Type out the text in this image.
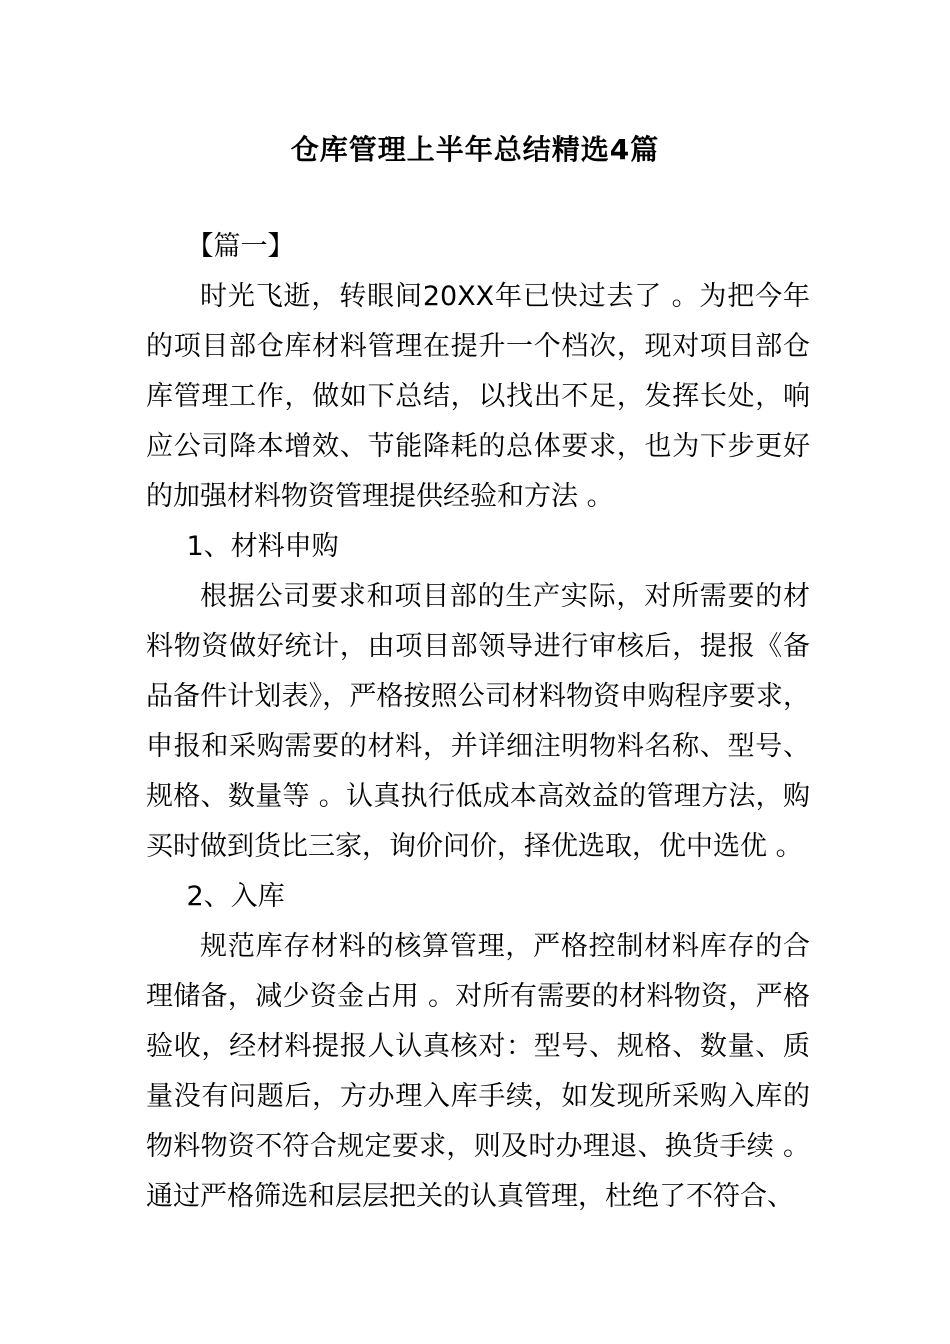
仓库管理上半年总结精选4篇

【篇一】

时光飞逝，转眼间20XX年已快过去了 。为把今年的项目部仓库材料管理在提升一个档次，现对项目部仓库管理工作，做如下总结，以找出不足，发挥长处，响应公司降本增效、节能降耗的总体要求，也为下步更好的加强材料物资管理提供经验和方法 。

1、材料申购

根据公司要求和项目部的生产实际，对所需要的材料物资做好统计，由项目部领导进行审核后，提报《备品备件计划表》，严格按照公司材料物资申购程序要求，申报和采购需要的材料，并详细注明物料名称、型号、规格、数量等 。认真执行低成本高效益的管理方法，购买时做到货比三家，询价问价，择优选取，优中选优 。

2、入库

规范库存材料的核算管理，严格控制材料库存的合理储备，减少资金占用 。对所有需要的材料物资，严格验收，经材料提报人认真核对：型号、规格、数量、质量没有问题后，方办理入库手续，如发现所采购入库的物料物资不符合规定要求，则及时办理退、换货手续 。通过严格筛选和层层把关的认真管理，杜绝了不符合、
